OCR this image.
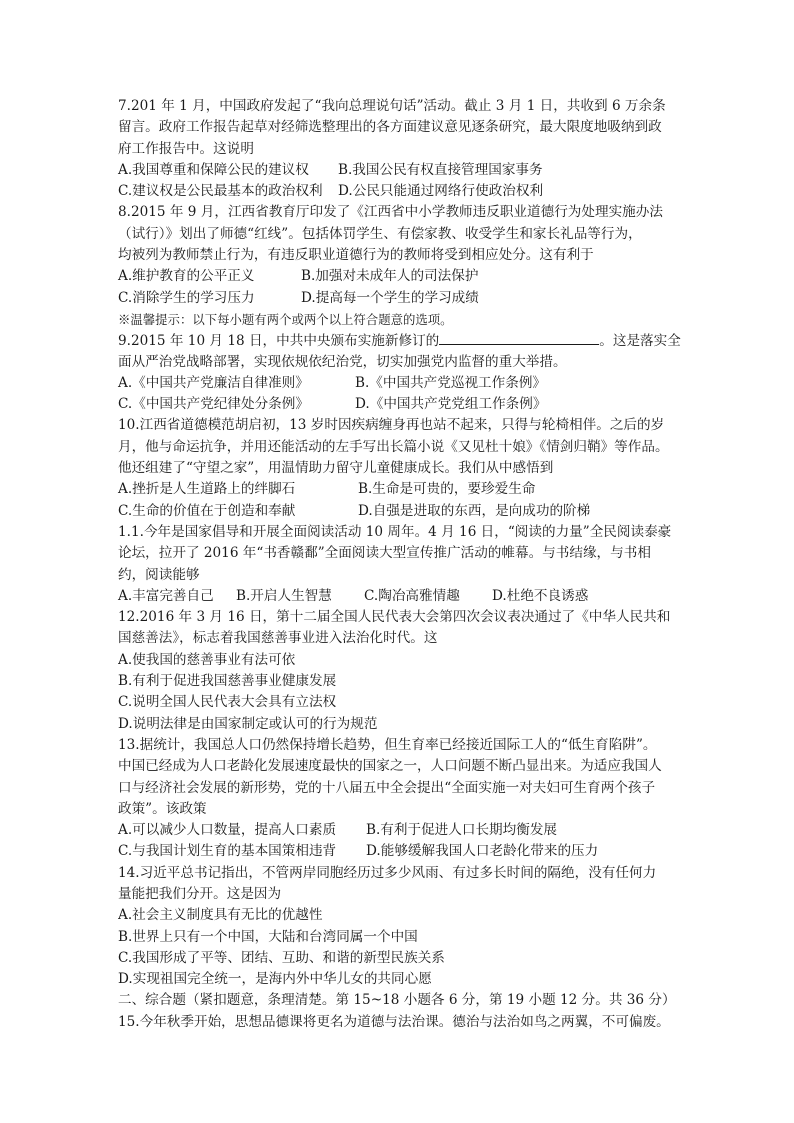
7.201 年 1 月，中国政府发起了“我向总理说句话”活动。截止 3 月 1 日，共收到 6 万余条
留言。政府工作报告起草对经筛选整理出的各方面建议意见逐条研究，最大限度地吸纳到政
府工作报告中。这说明
A.我国尊重和保障公民的建议权	B.我国公民有权直接管理国家事务
C.建议权是公民最基本的政治权利	D.公民只能通过网络行使政治权利
8.2015 年 9 月，江西省教育厅印发了《江西省中小学教师违反职业道德行为处理实施办法
（试行）》划出了师德“红线”。包括体罚学生、有偿家教、收受学生和家长礼品等行为，
均被列为教师禁止行为，有违反职业道德行为的教师将受到相应处分。这有利于
A.维护教育的公平正义	B.加强对未成年人的司法保护
C.消除学生的学习压力	D.提高每一个学生的学习成绩
※温馨提示：以下每小题有两个或两个以上符合题意的选项。
9.2015 年 10 月 18 日，中共中央颁布实施新修订的	。这是落实全
面从严治党战略部署，实现依规依纪治党，切实加强党内监督的重大举措。
A.《中国共产党廉洁自律准则》	B.《中国共产党巡视工作条例》
C.《中国共产党纪律处分条例》	D.《中国共产党党组工作条例》
10.江西省道德模范胡启初，13 岁时因疾病缠身再也站不起来，只得与轮椅相伴。之后的岁
月，他与命运抗争，并用还能活动的左手写出长篇小说《又见杜十娘》《情剑归鞘》等作品。
他还组建了“守望之家”，用温情助力留守儿童健康成长。我们从中感悟到
A.挫折是人生道路上的绊脚石	B.生命是可贵的，要珍爱生命
C.生命的价值在于创造和奉献	D.自强是进取的东西，是向成功的阶梯
1.1.今年是国家倡导和开展全面阅读活动 10 周年。4 月 16 日，“阅读的力量”全民阅读泰豪
论坛，拉开了 2016 年“书香赣鄱”全面阅读大型宣传推广活动的帷幕。与书结缘，与书相
约，阅读能够
A.丰富完善自己	B.开启人生智慧	C.陶冶高雅情趣	D.杜绝不良诱惑
12.2016 年 3 月 16 日，第十二届全国人民代表大会第四次会议表决通过了《中华人民共和
国慈善法》，标志着我国慈善事业进入法治化时代。这
A.使我国的慈善事业有法可依
B.有利于促进我国慈善事业健康发展
C.说明全国人民代表大会具有立法权
D.说明法律是由国家制定或认可的行为规范
13.据统计，我国总人口仍然保持增长趋势，但生育率已经接近国际工人的“低生育陷阱”。
中国已经成为人口老龄化发展速度最快的国家之一，人口问题不断凸显出来。为适应我国人
口与经济社会发展的新形势，党的十八届五中全会提出“全面实施一对夫妇可生育两个孩子
政策”。该政策
A.可以减少人口数量，提高人口素质	B.有利于促进人口长期均衡发展
C.与我国计划生育的基本国策相违背	D.能够缓解我国人口老龄化带来的压力
14.习近平总书记指出，不管两岸同胞经历过多少风雨、有过多长时间的隔绝，没有任何力
量能把我们分开。这是因为
A.社会主义制度具有无比的优越性
B.世界上只有一个中国，大陆和台湾同属一个中国
C.我国形成了平等、团结、互助、和谐的新型民族关系
D.实现祖国完全统一，是海内外中华儿女的共同心愿
二、综合题（紧扣题意，条理清楚。第 15~18 小题各 6 分，第 19 小题 12 分。共 36 分）
15.今年秋季开始，思想品德课将更名为道德与法治课。德治与法治如鸟之两翼，不可偏废。
